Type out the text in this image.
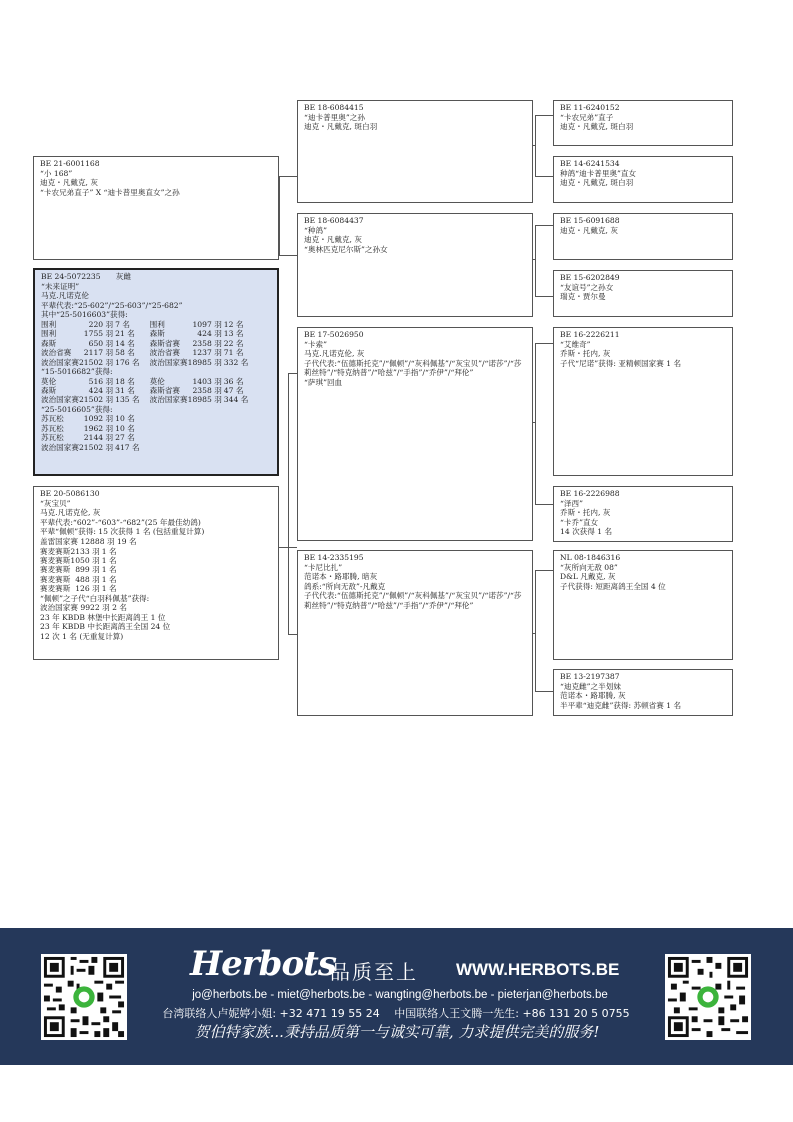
BE 21-6001168
“小 168”
迪克・凡戴克, 灰
“卡农兄弟直子” X “迪卡普里奥直女”之孙
BE 24-5072235　　灰雌
“未来证明”
马克.凡诺克伦
平辈代表:“25-602”/“25-603”/“25-682”
其中“25-5016603”获得:
围利	220 羽	7 名		围利	1097 羽	12 名
围利	1755 羽	21 名		森斯	424 羽	13 名
森斯	650 羽	14 名		森斯省赛	2358 羽	22 名
波治省赛	2117 羽	58 名		波治省赛	1237 羽	71 名
波治国家赛	21502 羽	176 名		波治国家赛	18985 羽	332 名
“15-5016682”获得:
莫伦	516 羽	18 名		莫伦	1403 羽	36 名
森斯	424 羽	31 名		森斯省赛	2358 羽	47 名
波治国家赛	21502 羽	135 名		波治国家赛	18985 羽	344 名
“25-5016605”获得:
苏瓦松	1092 羽	10 名
苏瓦松	1962 羽	10 名
苏瓦松	2144 羽	27 名
波治国家赛	21502 羽	417 名
BE 20-5086130
“灰宝贝”
马克.凡诺克伦, 灰
平辈代表:“602”-“603”-“682”(25 年最佳幼鸽)
平辈“佩顿”获得: 15 次获得 1 名 (包括重复计算)
盖雷国家赛 12888 羽 19 名
赛麦赛斯	2133 羽	1 名
赛麦赛斯	1050 羽	1 名
赛麦赛斯	899 羽	1 名
赛麦赛斯	488 羽	1 名
赛麦赛斯	126 羽	1 名
“佩顿”之子代“白羽科佩基”获得:
波治国家赛 9922 羽 2 名
23 年 KBDB 林堡中长距离鸽王 1 位
23 年 KBDB 中长距离鸽王全国 24 位
12 次 1 名 (无重复计算)
BE 18-6084415
“迪卡普里奥”之孙
迪克・凡戴克, 斑白羽
BE 18-6084437
“种鸽”
迪克・凡戴克, 灰
“奥林匹克尼尔斯”之孙女
BE 17-5026950
“卡索”
马克.凡诺克伦, 灰
子代代表:“伍德斯托克”/“佩顿”/“灰科佩基”/“灰宝贝”/“诺莎”/“莎莉丝特”/“特克纳普”/“哈兹”/“手指”/“乔伊”/“拜伦”
“萨琪”回血
BE 14-2335195
“卡尼比扎”
范诺本・路耶腾, 暗灰
鸽系:“所向无敌”-凡戴克
子代代表:“伍德斯托克”/“佩顿”/“灰科佩基”/“灰宝贝”/“诺莎”/“莎莉丝特”/“特克纳普”/“哈兹”/“手指”/“乔伊”/“拜伦”
BE 11-6240152
“卡农兄弟”直子
迪克・凡戴克, 斑白羽
BE 14-6241534
种鸽“迪卡普里奥”直女
迪克・凡戴克, 斑白羽
BE 15-6091688
迪克・凡戴克, 灰
BE 15-6202849
“友谊号”之孙女
瑞克・贾尔曼
BE 16-2226211
“艾维奇”
乔斯・托内, 灰
子代“尼诺”获得: 亚精顿国家赛 1 名
BE 16-2226988
“泽西”
乔斯・托内, 灰
“卡乔”直女
14 次获得 1 名
NL 08-1846316
“灰所向无敌 08”
D&L 凡戴克, 灰
子代获得: 短距离鸽王全国 4 位
BE 13-2197387
“迪克雌”之半划妹
范诺本・路耶腾, 灰
半平辈“迪克雌”获得: 苏顿省赛 1 名
Herbots
品质至上 WWW.HERBOTS.BE
jo@herbots.be - miet@herbots.be - wangting@herbots.be - pieterjan@herbots.be
台湾联络人卢妮婷小姐: +32 471 19 55 24　 中国联络人王文腾一先生: +86 131 20 5 0755
贺伯特家族...秉持品质第一与诚实可靠, 力求提供完美的服务!
